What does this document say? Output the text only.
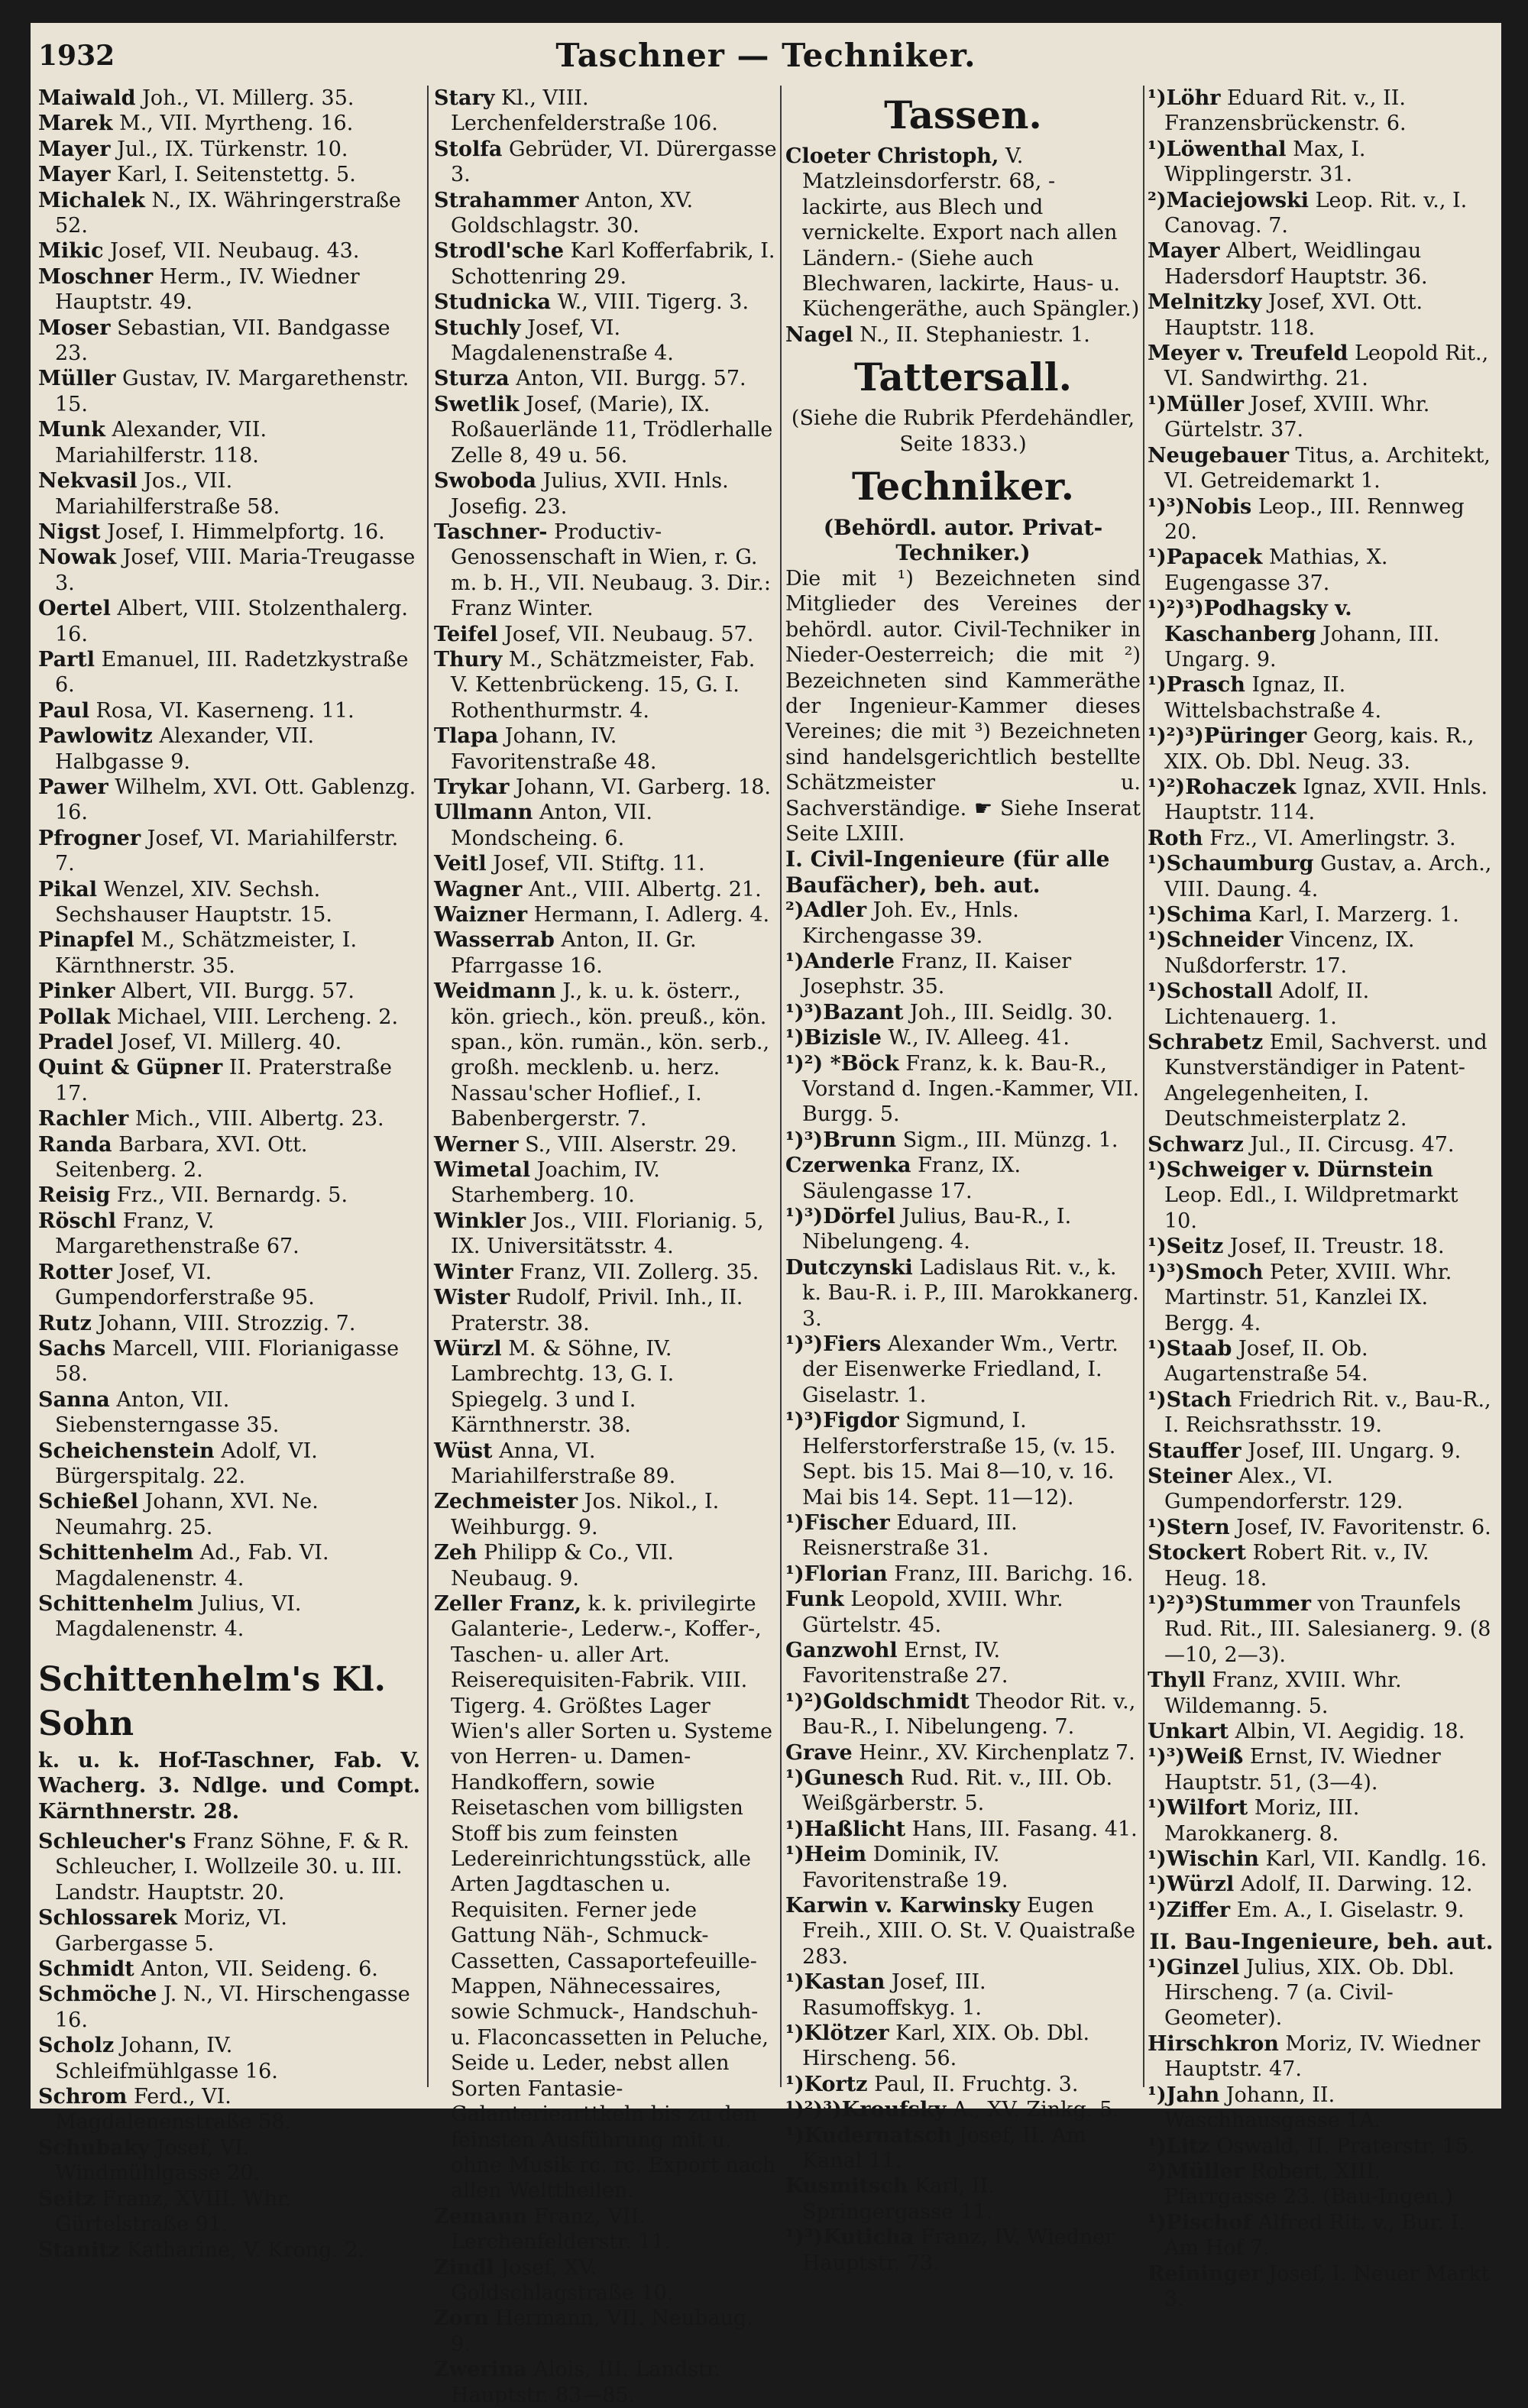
1932	Taschner — Techniker.

Maiwald Joh., VI. Millerg. 35.

Marek M., VII. Myrtheng. 16.

Mayer Jul., IX. Türkenstr. 10.

Mayer Karl, I. Seitenstettg. 5.

Michalek N., IX. Währingerstraße 52.

Mikic Josef, VII. Neubaug. 43.

Moschner Herm., IV. Wiedner Hauptstr. 49.

Moser Sebastian, VII. Bandgasse 23.

Müller Gustav, IV. Margarethenstr. 15.

Munk Alexander, VII. Mariahilferstr. 118.

Nekvasil Jos., VII. Mariahilferstraße 58.

Nigst Josef, I. Himmelpfortg. 16.

Nowak Josef, VIII. Maria-Treugasse 3.

Oertel Albert, VIII. Stolzenthalerg. 16.

Partl Emanuel, III. Radetzkystraße 6.

Paul Rosa, VI. Kaserneng. 11.

Pawlowitz Alexander, VII. Halbgasse 9.

Pawer Wilhelm, XVI. Ott. Gablenzg. 16.

Pfrogner Josef, VI. Mariahilferstr. 7.

Pikal Wenzel, XIV. Sechsh. Sechshauser Hauptstr. 15.

Pinapfel M., Schätzmeister, I. Kärnthnerstr. 35.

Pinker Albert, VII. Burgg. 57.

Pollak Michael, VIII. Lercheng. 2.

Pradel Josef, VI. Millerg. 40.

Quint & Güpner II. Praterstraße 17.

Rachler Mich., VIII. Albertg. 23.

Randa Barbara, XVI. Ott. Seitenberg. 2.

Reisig Frz., VII. Bernardg. 5.

Röschl Franz, V. Margarethenstraße 67.

Rotter Josef, VI. Gumpendorferstraße 95.

Rutz Johann, VIII. Strozzig. 7.

Sachs Marcell, VIII. Florianigasse 58.

Sanna Anton, VII. Siebensterngasse 35.

Scheichenstein Adolf, VI. Bürgerspitalg. 22.

Schießel Johann, XVI. Ne. Neumahrg. 25.

Schittenhelm Ad., Fab. VI. Magdalenenstr. 4.

Schittenhelm Julius, VI. Magdalenenstr. 4.

Schittenhelm's Kl. Sohn

k. u. k. Hof-Taschner, Fab. V. Wacherg. 3. Ndlge. und Compt. Kärnthnerstr. 28.

Schleucher's Franz Söhne, F. & R. Schleucher, I. Wollzeile 30. u. III. Landstr. Hauptstr. 20.

Schlossarek Moriz, VI. Garbergasse 5.

Schmidt Anton, VII. Seideng. 6.

Schmöche J. N., VI. Hirschengasse 16.

Scholz Johann, IV. Schleifmühlgasse 16.

Schrom Ferd., VI. Magdalenenstraße 58.

Schubaky Josef, VI. Windmühlgasse 20.

Seitz Franz, XVIII. Whr. Gürtelstraße 91.

Stanitz Katharine, V. Krong. 2.

Stary Kl., VIII. Lerchenfelderstraße 106.

Stolfa Gebrüder, VI. Dürergasse 3.

Strahammer Anton, XV. Goldschlagstr. 30.

Strodl'sche Karl Kofferfabrik, I. Schottenring 29.

Studnicka W., VIII. Tigerg. 3.

Stuchly Josef, VI. Magdalenenstraße 4.

Sturza Anton, VII. Burgg. 57.

Swetlik Josef, (Marie), IX. Roßauerlände 11, Trödlerhalle Zelle 8, 49 u. 56.

Swoboda Julius, XVII. Hnls. Josefig. 23.

Taschner- Productiv-Genossenschaft in Wien, r. G. m. b. H., VII. Neubaug. 3. Dir.: Franz Winter.

Teifel Josef, VII. Neubaug. 57.

Thury M., Schätzmeister, Fab. V. Kettenbrückeng. 15, G. I. Rothenthurmstr. 4.

Tlapa Johann, IV. Favoritenstraße 48.

Trykar Johann, VI. Garberg. 18.

Ullmann Anton, VII. Mondscheing. 6.

Veitl Josef, VII. Stiftg. 11.

Wagner Ant., VIII. Albertg. 21.

Waizner Hermann, I. Adlerg. 4.

Wasserrab Anton, II. Gr. Pfarrgasse 16.

Weidmann J., k. u. k. österr., kön. griech., kön. preuß., kön. span., kön. rumän., kön. serb., großh. mecklenb. u. herz. Nassau'scher Hoflief., I. Babenbergerstr. 7.

Werner S., VIII. Alserstr. 29.

Wimetal Joachim, IV. Starhemberg. 10.

Winkler Jos., VIII. Florianig. 5, IX. Universitätsstr. 4.

Winter Franz, VII. Zollerg. 35.

Wister Rudolf, Privil. Inh., II. Praterstr. 38.

Würzl M. & Söhne, IV. Lambrechtg. 13, G. I. Spiegelg. 3 und I. Kärnthnerstr. 38.

Wüst Anna, VI. Mariahilferstraße 89.

Zechmeister Jos. Nikol., I. Weihburgg. 9.

Zeh Philipp & Co., VII. Neubaug. 9.

Zeller Franz, k. k. privilegirte Galanterie-, Lederw.-, Koffer-, Taschen- u. aller Art. Reiserequisiten-Fabrik. VIII. Tigerg. 4. Größtes Lager Wien's aller Sorten u. Systeme von Herren- u. Damen-Handkoffern, sowie Reisetaschen vom billigsten Stoff bis zum feinsten Ledereinrichtungsstück, alle Arten Jagdtaschen u. Requisiten. Ferner jede Gattung Näh-, Schmuck-Cassetten, Cassaportefeuille-Mappen, Nähnecessaires, sowie Schmuck-, Handschuh- u. Flaconcassetten in Peluche, Seide u. Leder, nebst allen Sorten Fantasie-Galanteriearttkeln bis zu den feinsten Ausführung mit u. ohne Musik rc. rc. Export nach allen Welttheilen.

Zemann Franz, VII. Lerchenfelderstr. 11.

Zindl Josef, XV. Goldschlagstraße 10.

Zorn Hermann, VII. Neubaug. 9.

Zwerina Alois, III. Landstr. Hauptstr. 83—85.

Tassen.

Cloeter Christoph, V. Matzleinsdorferstr. 68, -lackirte, aus Blech und vernickelte. Export nach allen Ländern.- (Siehe auch Blechwaren, lackirte, Haus- u. Küchengeräthe, auch Spängler.)

Nagel N., II. Stephaniestr. 1.

Tattersall.

(Siehe die Rubrik Pferdehändler, Seite 1833.)

Techniker.
(Behördl. autor. Privat-Techniker.)

Die mit ¹) Bezeichneten sind Mitglieder des Vereines der behördl. autor. Civil-Techniker in Nieder-Oesterreich; die mit ²) Bezeichneten sind Kammeräthe der Ingenieur-Kammer dieses Vereines; die mit ³) Bezeichneten sind handelsgerichtlich bestellte Schätzmeister u. Sachverständige. ☛ Siehe Inserat Seite LXIII.

I. Civil-Ingenieure (für alle Baufächer), beh. aut.

²)Adler Joh. Ev., Hnls. Kirchengasse 39.

¹)Anderle Franz, II. Kaiser Josephstr. 35.

¹)³)Bazant Joh., III. Seidlg. 30.

¹)Bizisle W., IV. Alleeg. 41.

¹)²) *Böck Franz, k. k. Bau-R., Vorstand d. Ingen.-Kammer, VII. Burgg. 5.

¹)³)Brunn Sigm., III. Münzg. 1.

Czerwenka Franz, IX. Säulengasse 17.

¹)³)Dörfel Julius, Bau-R., I. Nibelungeng. 4.

Dutczynski Ladislaus Rit. v., k. k. Bau-R. i. P., III. Marokkanerg. 3.

¹)³)Fiers Alexander Wm., Vertr. der Eisenwerke Friedland, I. Giselastr. 1.

¹)³)Figdor Sigmund, I. Helferstorferstraße 15, (v. 15. Sept. bis 15. Mai 8—10, v. 16. Mai bis 14. Sept. 11—12).

¹)Fischer Eduard, III. Reisnerstraße 31.

¹)Florian Franz, III. Barichg. 16.

Funk Leopold, XVIII. Whr. Gürtelstr. 45.

Ganzwohl Ernst, IV. Favoritenstraße 27.

¹)²)Goldschmidt Theodor Rit. v., Bau-R., I. Nibelungeng. 7.

Grave Heinr., XV. Kirchenplatz 7.

¹)Gunesch Rud. Rit. v., III. Ob. Weißgärberstr. 5.

¹)Haßlicht Hans, III. Fasang. 41.

¹)Heim Dominik, IV. Favoritenstraße 19.

Karwin v. Karwinsky Eugen Freih., XIII. O. St. V. Quaistraße 283.

¹)Kastan Josef, III. Rasumoffskyg. 1.

¹)Klötzer Karl, XIX. Ob. Dbl. Hirscheng. 56.

¹)Kortz Paul, II. Fruchtg. 3.

¹)²)³)Kroufsky A., XV. Zinkg. 5.

¹)Kudernatsch Josef, II. Am Kanal 11.

Kusmitsch Karl, II. Springergasse 11.

¹)³)Kuticha Franz, IV. Wiedner Hauptstr. 73.

¹)Löhr Eduard Rit. v., II. Franzensbrückenstr. 6.

¹)Löwenthal Max, I. Wipplingerstr. 31.

²)Maciejowski Leop. Rit. v., I. Canovag. 7.

Mayer Albert, Weidlingau Hadersdorf Hauptstr. 36.

Melnitzky Josef, XVI. Ott. Hauptstr. 118.

Meyer v. Treufeld Leopold Rit., VI. Sandwirthg. 21.

¹)Müller Josef, XVIII. Whr. Gürtelstr. 37.

Neugebauer Titus, a. Architekt, VI. Getreidemarkt 1.

¹)³)Nobis Leop., III. Rennweg 20.

¹)Papacek Mathias, X. Eugengasse 37.

¹)²)³)Podhagsky v. Kaschanberg Johann, III. Ungarg. 9.

¹)Prasch Ignaz, II. Wittelsbachstraße 4.

¹)²)³)Püringer Georg, kais. R., XIX. Ob. Dbl. Neug. 33.

¹)²)Rohaczek Ignaz, XVII. Hnls. Hauptstr. 114.

Roth Frz., VI. Amerlingstr. 3.

¹)Schaumburg Gustav, a. Arch., VIII. Daung. 4.

¹)Schima Karl, I. Marzerg. 1.

¹)Schneider Vincenz, IX. Nußdorferstr. 17.

¹)Schostall Adolf, II. Lichtenauerg. 1.

Schrabetz Emil, Sachverst. und Kunstverständiger in Patent-Angelegenheiten, I. Deutschmeisterplatz 2.

Schwarz Jul., II. Circusg. 47.

¹)Schweiger v. Dürnstein Leop. Edl., I. Wildpretmarkt 10.

¹)Seitz Josef, II. Treustr. 18.

¹)³)Smoch Peter, XVIII. Whr. Martinstr. 51, Kanzlei IX. Bergg. 4.

¹)Staab Josef, II. Ob. Augartenstraße 54.

¹)Stach Friedrich Rit. v., Bau-R., I. Reichsrathsstr. 19.

Stauffer Josef, III. Ungarg. 9.

Steiner Alex., VI. Gumpendorferstr. 129.

¹)Stern Josef, IV. Favoritenstr. 6.

Stockert Robert Rit. v., IV. Heug. 18.

¹)²)³)Stummer von Traunfels Rud. Rit., III. Salesianerg. 9. (8—10, 2—3).

Thyll Franz, XVIII. Whr. Wildemanng. 5.

Unkart Albin, VI. Aegidig. 18.

¹)³)Weiß Ernst, IV. Wiedner Hauptstr. 51, (3—4).

¹)Wilfort Moriz, III. Marokkanerg. 8.

¹)Wischin Karl, VII. Kandlg. 16.

¹)Würzl Adolf, II. Darwing. 12.

¹)Ziffer Em. A., I. Giselastr. 9.

II. Bau-Ingenieure, beh. aut.

¹)Ginzel Julius, XIX. Ob. Dbl. Hirscheng. 7 (a. Civil-Geometer).

Hirschkron Moriz, IV. Wiedner Hauptstr. 47.

¹)Jahn Johann, II. Waschhausgasse 1A.

¹)Litz Oswald, II. Praterstr. 15.

²)Müller Robert, XIII. Pfarrgasse 23. (Bau-Ingen.)

¹)Pischof Alfred Rit. v., Bur. I. Am Hof 7.

Reininger Josef, I. Neuer Markt 3.
